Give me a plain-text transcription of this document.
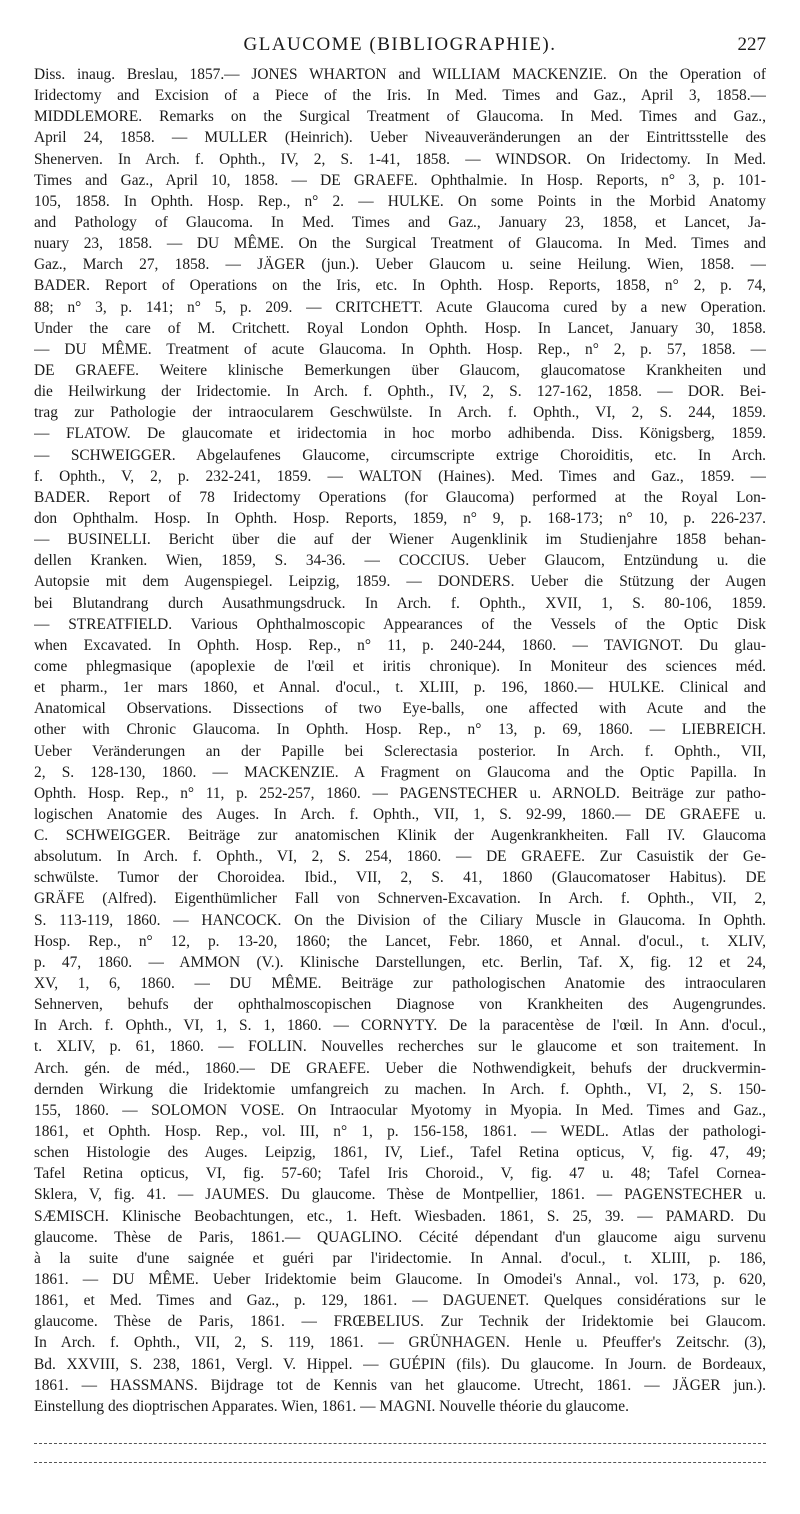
GLAUCOME (BIBLIOGRAPHIE).	227
Diss. inaug. Breslau, 1857.— JONES WHARTON and WILLIAM MACKENZIE. On the Operation of
Iridectomy and Excision of a Piece of the Iris. In Med. Times and Gaz., April 3, 1858.—
MIDDLEMORE. Remarks on the Surgical Treatment of Glaucoma. In Med. Times and Gaz.,
April 24, 1858. — MULLER (Heinrich). Ueber Niveauveränderungen an der Eintrittsstelle des
Shenerven. In Arch. f. Ophth., IV, 2, S. 1-41, 1858. — WINDSOR. On Iridectomy. In Med.
Times and Gaz., April 10, 1858. — DE GRAEFE. Ophthalmie. In Hosp. Reports, n° 3, p. 101-
105, 1858. In Ophth. Hosp. Rep., n° 2. — HULKE. On some Points in the Morbid Anatomy
and Pathology of Glaucoma. In Med. Times and Gaz., January 23, 1858, et Lancet, Ja-
nuary 23, 1858. — DU MÊME. On the Surgical Treatment of Glaucoma. In Med. Times and
Gaz., March 27, 1858. — JÄGER (jun.). Ueber Glaucom u. seine Heilung. Wien, 1858. —
BADER. Report of Operations on the Iris, etc. In Ophth. Hosp. Reports, 1858, n° 2, p. 74,
88; n° 3, p. 141; n° 5, p. 209. — CRITCHETT. Acute Glaucoma cured by a new Operation.
Under the care of M. Critchett. Royal London Ophth. Hosp. In Lancet, January 30, 1858.
— DU MÊME. Treatment of acute Glaucoma. In Ophth. Hosp. Rep., n° 2, p. 57, 1858. —
DE GRAEFE. Weitere klinische Bemerkungen über Glaucom, glaucomatose Krankheiten und
die Heilwirkung der Iridectomie. In Arch. f. Ophth., IV, 2, S. 127-162, 1858. — DOR. Bei-
trag zur Pathologie der intraocularem Geschwülste. In Arch. f. Ophth., VI, 2, S. 244, 1859.
— FLATOW. De glaucomate et iridectomia in hoc morbo adhibenda. Diss. Königsberg, 1859.
— SCHWEIGGER. Abgelaufenes Glaucome, circumscripte extrige Choroiditis, etc. In Arch.
f. Ophth., V, 2, p. 232-241, 1859. — WALTON (Haines). Med. Times and Gaz., 1859. —
BADER. Report of 78 Iridectomy Operations (for Glaucoma) performed at the Royal Lon-
don Ophthalm. Hosp. In Ophth. Hosp. Reports, 1859, n° 9, p. 168-173; n° 10, p. 226-237.
— BUSINELLI. Bericht über die auf der Wiener Augenklinik im Studienjahre 1858 behan-
dellen Kranken. Wien, 1859, S. 34-36. — COCCIUS. Ueber Glaucom, Entzündung u. die
Autopsie mit dem Augenspiegel. Leipzig, 1859. — DONDERS. Ueber die Stützung der Augen
bei Blutandrang durch Ausathmungsdruck. In Arch. f. Ophth., XVII, 1, S. 80-106, 1859.
— STREATFIELD. Various Ophthalmoscopic Appearances of the Vessels of the Optic Disk
when Excavated. In Ophth. Hosp. Rep., n° 11, p. 240-244, 1860. — TAVIGNOT. Du glau-
come phlegmasique (apoplexie de l'œil et iritis chronique). In Moniteur des sciences méd.
et pharm., 1er mars 1860, et Annal. d'ocul., t. XLIII, p. 196, 1860.— HULKE. Clinical and
Anatomical Observations. Dissections of two Eye-balls, one affected with Acute and the
other with Chronic Glaucoma. In Ophth. Hosp. Rep., n° 13, p. 69, 1860. — LIEBREICH.
Ueber Veränderungen an der Papille bei Sclerectasia posterior. In Arch. f. Ophth., VII,
2, S. 128-130, 1860. — MACKENZIE. A Fragment on Glaucoma and the Optic Papilla. In
Ophth. Hosp. Rep., n° 11, p. 252-257, 1860. — PAGENSTECHER u. ARNOLD. Beiträge zur patho-
logischen Anatomie des Auges. In Arch. f. Ophth., VII, 1, S. 92-99, 1860.— DE GRAEFE u.
C. SCHWEIGGER. Beiträge zur anatomischen Klinik der Augenkrankheiten. Fall IV. Glaucoma
absolutum. In Arch. f. Ophth., VI, 2, S. 254, 1860. — DE GRAEFE. Zur Casuistik der Ge-
schwülste. Tumor der Choroidea. Ibid., VII, 2, S. 41, 1860 (Glaucomatoser Habitus). DE
GRÄFE (Alfred). Eigenthümlicher Fall von Schnerven-Excavation. In Arch. f. Ophth., VII, 2,
S. 113-119, 1860. — HANCOCK. On the Division of the Ciliary Muscle in Glaucoma. In Ophth.
Hosp. Rep., n° 12, p. 13-20, 1860; the Lancet, Febr. 1860, et Annal. d'ocul., t. XLIV,
p. 47, 1860. — AMMON (V.). Klinische Darstellungen, etc. Berlin, Taf. X, fig. 12 et 24,
XV, 1, 6, 1860. — DU MÊME. Beiträge zur pathologischen Anatomie des intraocularen
Sehnerven, behufs der ophthalmoscopischen Diagnose von Krankheiten des Augengrundes.
In Arch. f. Ophth., VI, 1, S. 1, 1860. — CORNYTY. De la paracentèse de l'œil. In Ann. d'ocul.,
t. XLIV, p. 61, 1860. — FOLLIN. Nouvelles recherches sur le glaucome et son traitement. In
Arch. gén. de méd., 1860.— DE GRAEFE. Ueber die Nothwendigkeit, behufs der druckvermin-
dernden Wirkung die Iridektomie umfangreich zu machen. In Arch. f. Ophth., VI, 2, S. 150-
155, 1860. — SOLOMON VOSE. On Intraocular Myotomy in Myopia. In Med. Times and Gaz.,
1861, et Ophth. Hosp. Rep., vol. III, n° 1, p. 156-158, 1861. — WEDL. Atlas der pathologi-
schen Histologie des Auges. Leipzig, 1861, IV, Lief., Tafel Retina opticus, V, fig. 47, 49;
Tafel Retina opticus, VI, fig. 57-60; Tafel Iris Choroid., V, fig. 47 u. 48; Tafel Cornea-
Sklera, V, fig. 41. — JAUMES. Du glaucome. Thèse de Montpellier, 1861. — PAGENSTECHER u.
SÆMISCH. Klinische Beobachtungen, etc., 1. Heft. Wiesbaden. 1861, S. 25, 39. — PAMARD. Du
glaucome. Thèse de Paris, 1861.— QUAGLINO. Cécité dépendant d'un glaucome aigu survenu
à la suite d'une saignée et guéri par l'iridectomie. In Annal. d'ocul., t. XLIII, p. 186,
1861. — DU MÊME. Ueber Iridektomie beim Glaucome. In Omodei's Annal., vol. 173, p. 620,
1861, et Med. Times and Gaz., p. 129, 1861. — DAGUENET. Quelques considérations sur le
glaucome. Thèse de Paris, 1861. — FRŒBELIUS. Zur Technik der Iridektomie bei Glaucom.
In Arch. f. Ophth., VII, 2, S. 119, 1861. — GRÜNHAGEN. Henle u. Pfeuffer's Zeitschr. (3),
Bd. XXVIII, S. 238, 1861, Vergl. V. Hippel. — GUÉPIN (fils). Du glaucome. In Journ. de Bordeaux,
1861. — HASSMANS. Bijdrage tot de Kennis van het glaucome. Utrecht, 1861. — JÄGER jun.).
Einstellung des dioptrischen Apparates. Wien, 1861. — MAGNI. Nouvelle théorie du glaucome.
